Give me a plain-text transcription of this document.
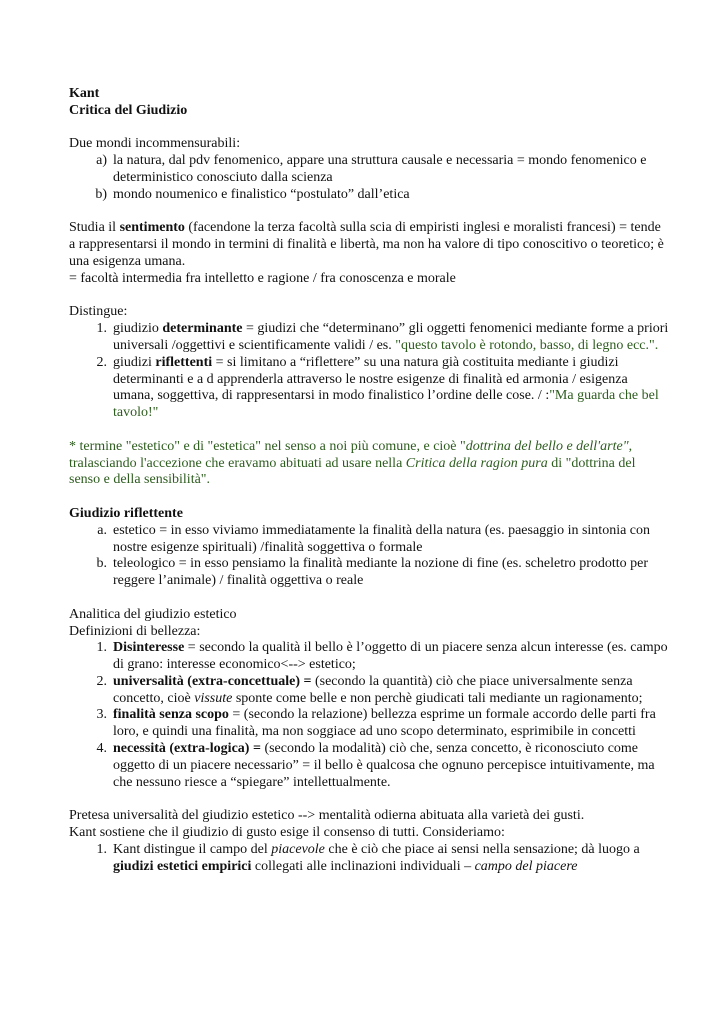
Kant
Critica del Giudizio
Due mondi incommensurabili:
a) la natura, dal pdv fenomenico, appare una struttura causale e necessaria = mondo fenomenico e deterministico conosciuto dalla scienza
b) mondo noumenico e finalistico “postulato” dall’etica
Studia il sentimento (facendone la terza facoltà sulla scia di empiristi inglesi e moralisti francesi) = tende a rappresentarsi il mondo in termini di finalità e libertà, ma non ha valore di tipo conoscitivo o teoretico; è una esigenza umana.
= facoltà intermedia fra intelletto e ragione / fra conoscenza e morale
Distingue:
1. giudizio determinante = giudizi che “determinano” gli oggetti fenomenici mediante forme a priori universali /oggettivi e scientificamente validi / es. "questo tavolo è rotondo, basso, di legno ecc.".
2. giudizi riflettenti = si limitano a “riflettere” su una natura già costituita mediante i giudizi determinanti e a d apprenderla attraverso le nostre esigenze di finalità ed armonia / esigenza umana, soggettiva, di rappresentarsi in modo finalistico l’ordine delle cose. / :"Ma guarda che bel tavolo!"
* termine "estetico" e di "estetica" nel senso a noi più comune, e cioè "dottrina del bello e dell'arte", tralasciando l'accezione che eravamo abituati ad usare nella Critica della ragion pura di "dottrina del senso e della sensibilità".
Giudizio riflettente
a. estetico = in esso viviamo immediatamente la finalità della natura (es. paesaggio in sintonia con nostre esigenze spirituali) /finalità soggettiva o formale
b. teleologico = in esso pensiamo la finalità mediante la nozione di fine (es. scheletro prodotto per reggere l’animale) / finalità oggettiva o reale
Analitica del giudizio estetico
Definizioni di bellezza:
1. Disinteresse = secondo la qualità il bello è l’oggetto di un piacere senza alcun interesse (es. campo di grano: interesse economico<--> estetico;
2. universalità (extra-concettuale) = (secondo la quantità) ciò che piace universalmente senza concetto, cioè vissute sponte come belle e non perchè giudicati tali mediante un ragionamento;
3. finalità senza scopo = (secondo la relazione) bellezza esprime un formale accordo delle parti fra loro, e quindi una finalità, ma non soggiace ad uno scopo determinato, esprimibile in concetti
4. necessità (extra-logica) = (secondo la modalità) ciò che, senza concetto, è riconosciuto come oggetto di un piacere necessario” = il bello è qualcosa che ognuno percepisce intuitivamente, ma che nessuno riesce a “spiegare” intellettualmente.
Pretesa universalità del giudizio estetico --> mentalità odierna abituata alla varietà dei gusti.
Kant sostiene che il giudizio di gusto esige il consenso di tutti. Consideriamo:
1. Kant distingue il campo del piacevole che è ciò che piace ai sensi nella sensazione; dà luogo a giudizi estetici empirici collegati alle inclinazioni individuali – campo del piacere
